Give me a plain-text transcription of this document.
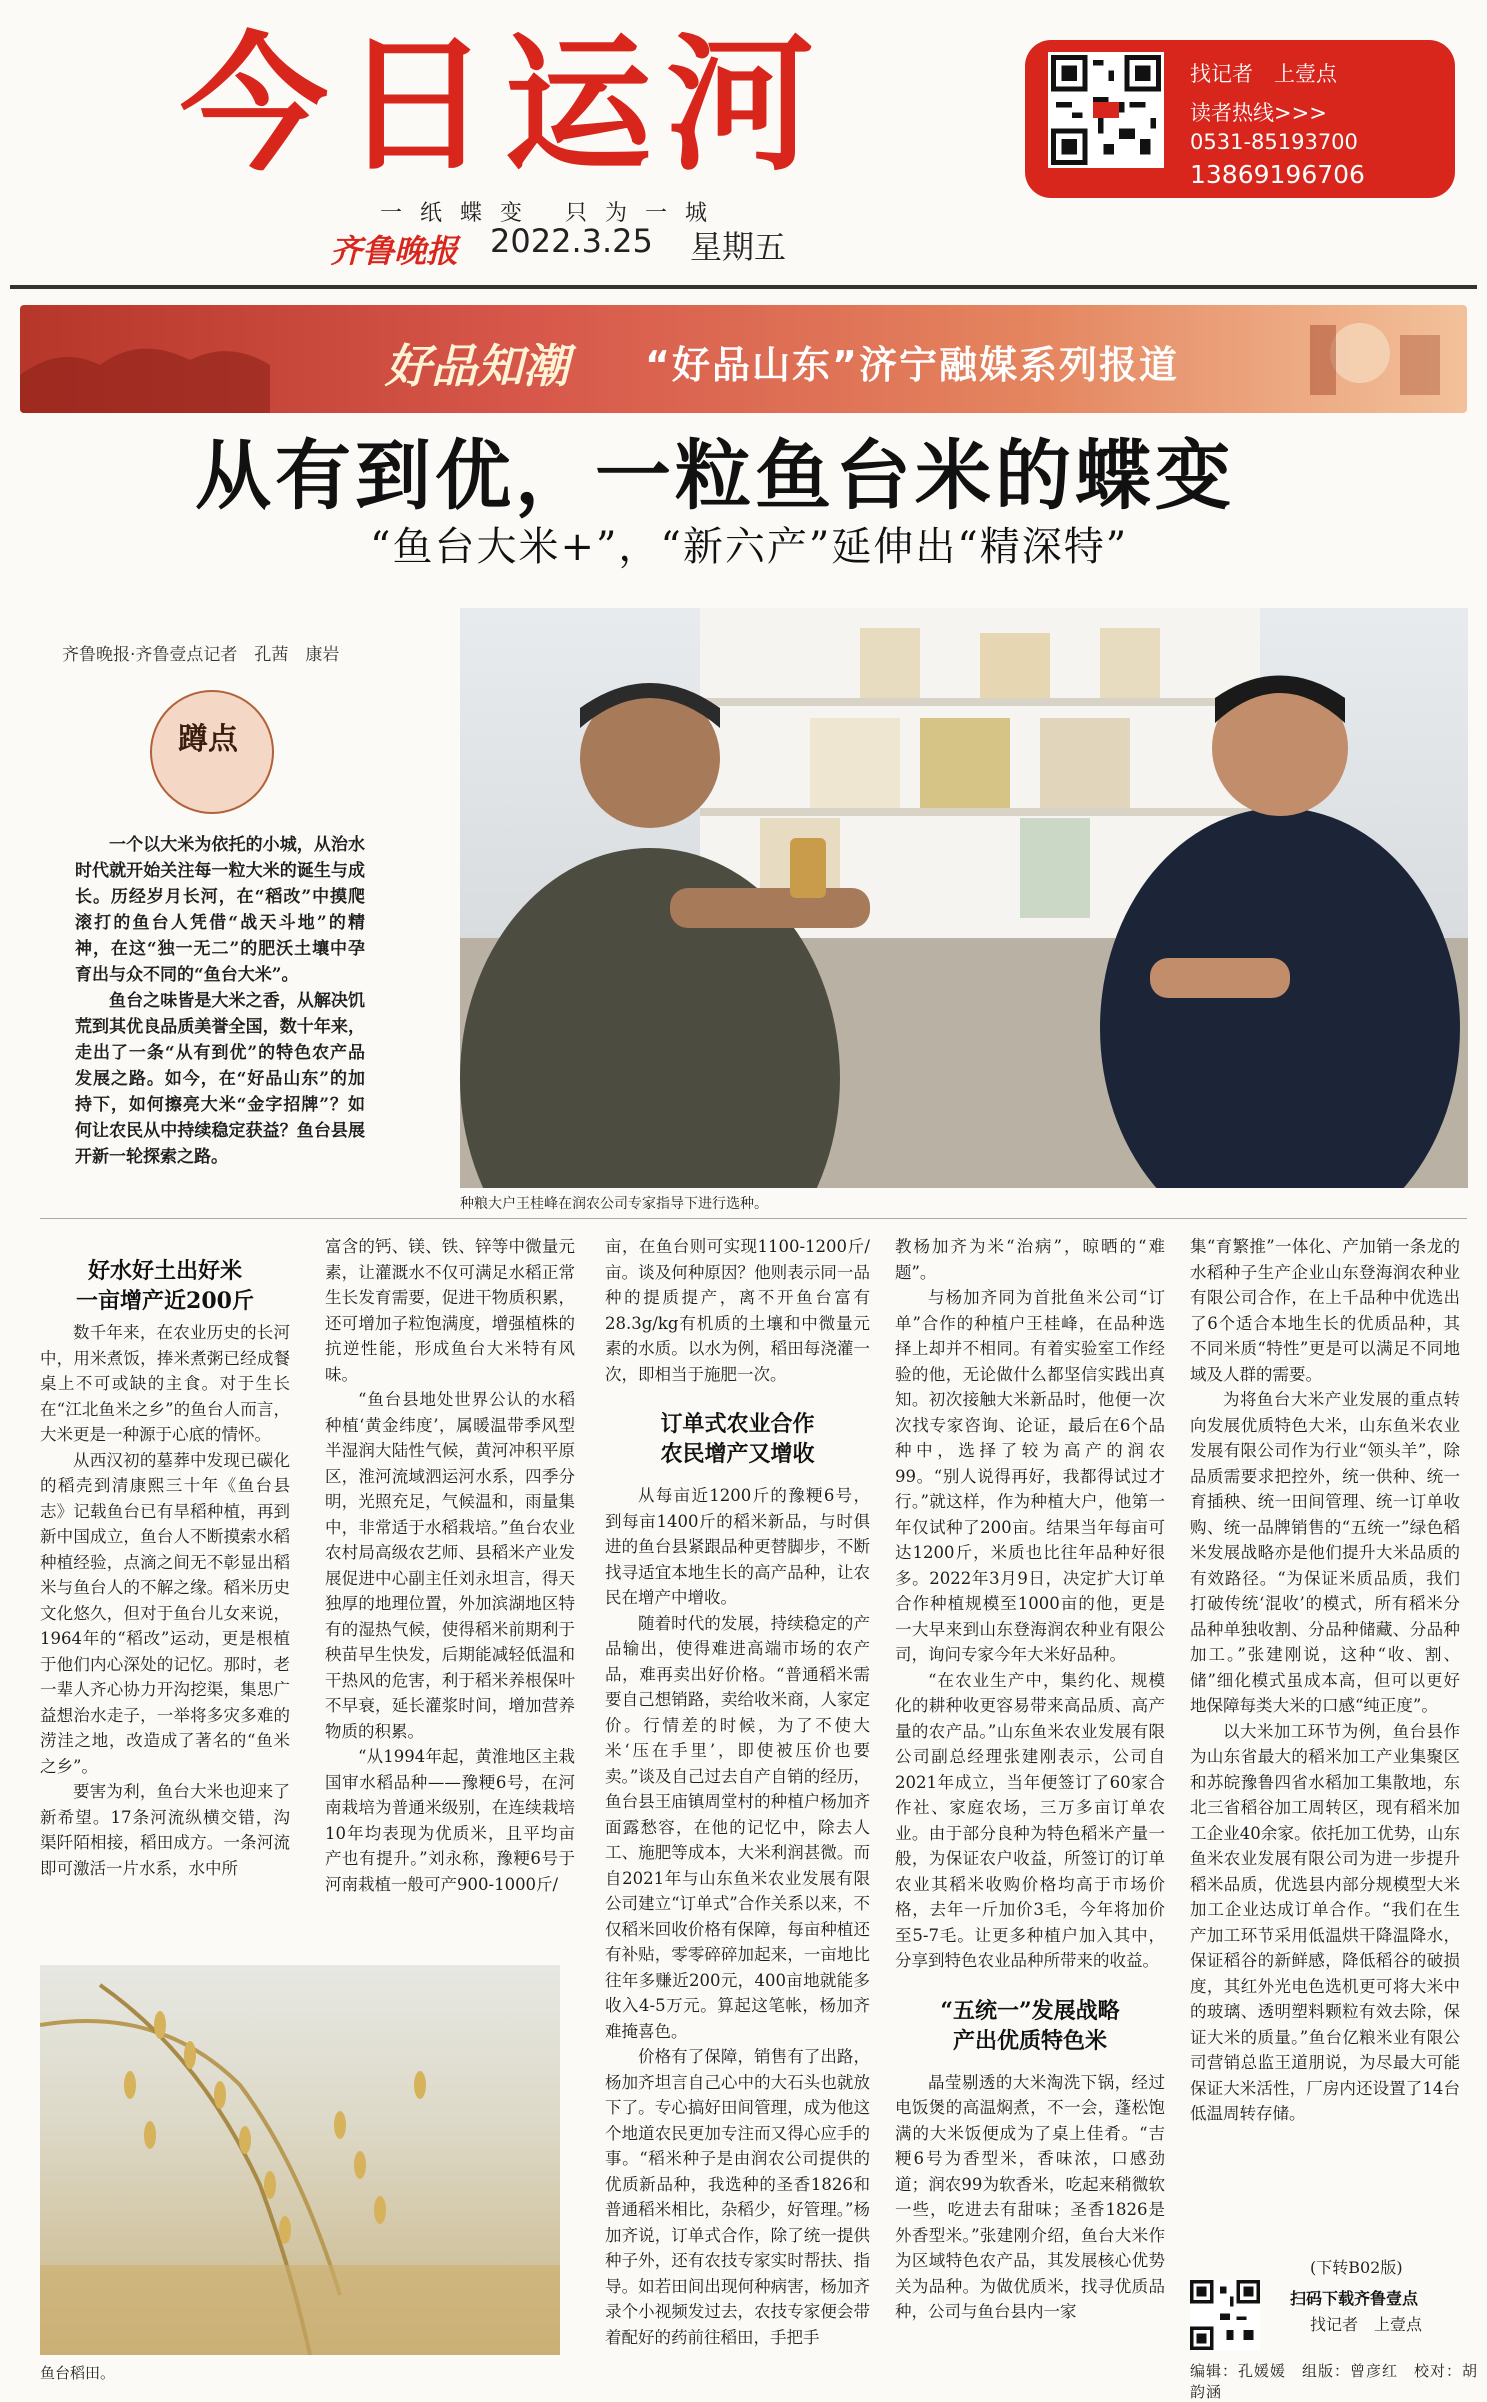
今日运河
一纸蝶变 只为一城
齐鲁晚报 2022.3.25 星期五
找记者　上壹点
读者热线>>>
0531-85193700
13869196706
好品知潮 “好品山东”济宁融媒系列报道
从有到优，一粒鱼台米的蝶变
“鱼台大米+”，“新六产”延伸出“精深特”
种粮大户王桂峰在润农公司专家指导下进行选种。
齐鲁晚报·齐鲁壹点记者　孔茜　康岩
蹲点

一个以大米为依托的小城，从治水时代就开始关注每一粒大米的诞生与成长。历经岁月长河，在“稻改”中摸爬滚打的鱼台人凭借“战天斗地”的精神，在这“独一无二”的肥沃土壤中孕育出与众不同的“鱼台大米”。

鱼台之味皆是大米之香，从解决饥荒到其优良品质美誉全国，数十年来，走出了一条“从有到优”的特色农产品发展之路。如今，在“好品山东”的加持下，如何擦亮大米“金字招牌”？如何让农民从中持续稳定获益？鱼台县展开新一轮探索之路。

好水好土出好米
一亩增产近200斤

数千年来，在农业历史的长河中，用米煮饭，捧米煮粥已经成餐桌上不可或缺的主食。对于生长在“江北鱼米之乡”的鱼台人而言，大米更是一种源于心底的情怀。

从西汉初的墓葬中发现已碳化的稻壳到清康熙三十年《鱼台县志》记载鱼台已有旱稻种植，再到新中国成立，鱼台人不断摸索水稻种植经验，点滴之间无不彰显出稻米与鱼台人的不解之缘。稻米历史文化悠久，但对于鱼台儿女来说，1964年的“稻改”运动，更是根植于他们内心深处的记忆。那时，老一辈人齐心协力开沟挖渠，集思广益想治水走子，一举将多灾多难的涝洼之地，改造成了著名的“鱼米之乡”。

要害为利，鱼台大米也迎来了新希望。17条河流纵横交错，沟渠阡陌相接，稻田成方。一条河流即可激活一片水系，水中所

富含的钙、镁、铁、锌等中微量元素，让灌溉水不仅可满足水稻正常生长发育需要，促进干物质积累，还可增加子粒饱满度，增强植株的抗逆性能，形成鱼台大米特有风味。

“鱼台县地处世界公认的水稻种植‘黄金纬度’，属暖温带季风型半湿润大陆性气候，黄河冲积平原区，淮河流域泗运河水系，四季分明，光照充足，气候温和，雨量集中，非常适于水稻栽培。”鱼台农业农村局高级农艺师、县稻米产业发展促进中心副主任刘永坦言，得天独厚的地理位置，外加滨湖地区特有的湿热气候，使得稻米前期利于秧苗早生快发，后期能减轻低温和干热风的危害，利于稻米养根保叶不早衰，延长灌浆时间，增加营养物质的积累。

“从1994年起，黄淮地区主栽国审水稻品种——豫粳6号，在河南栽培为普通米级别，在连续栽培10年均表现为优质米，且平均亩产也有提升。”刘永称，豫粳6号于河南栽植一般可产900-1000斤/

亩，在鱼台则可实现1100-1200斤/亩。谈及何种原因？他则表示同一品种的提质提产，离不开鱼台富有28.3g/kg有机质的土壤和中微量元素的水质。以水为例，稻田每浇灌一次，即相当于施肥一次。

订单式农业合作
农民增产又增收

从每亩近1200斤的豫粳6号，到每亩1400斤的稻米新品，与时俱进的鱼台县紧跟品种更替脚步，不断找寻适宜本地生长的高产品种，让农民在增产中增收。

随着时代的发展，持续稳定的产品输出，使得难进高端市场的农产品，难再卖出好价格。“普通稻米需要自己想销路，卖给收米商，人家定价。行情差的时候，为了不使大米‘压在手里’，即使被压价也要卖。”谈及自己过去自产自销的经历，鱼台县王庙镇周堂村的种植户杨加齐面露愁容，在他的记忆中，除去人工、施肥等成本，大米利润甚微。而自2021年与山东鱼米农业发展有限公司建立“订单式”合作关系以来，不仅稻米回收价格有保障，每亩种植还有补贴，零零碎碎加起来，一亩地比往年多赚近200元，400亩地就能多收入4-5万元。算起这笔帐，杨加齐难掩喜色。

价格有了保障，销售有了出路，杨加齐坦言自己心中的大石头也就放下了。专心搞好田间管理，成为他这个地道农民更加专注而又得心应手的事。“稻米种子是由润农公司提供的优质新品种，我选种的圣香1826和普通稻米相比，杂稻少，好管理。”杨加齐说，订单式合作，除了统一提供种子外，还有农技专家实时帮扶、指导。如若田间出现何种病害，杨加齐录个小视频发过去，农技专家便会带着配好的药前往稻田，手把手

教杨加齐为米“治病”，晾晒的“难题”。

与杨加齐同为首批鱼米公司“订单”合作的种植户王桂峰，在品种选择上却并不相同。有着实验室工作经验的他，无论做什么都坚信实践出真知。初次接触大米新品时，他便一次次找专家咨询、论证，最后在6个品种中，选择了较为高产的润农99。“别人说得再好，我都得试过才行。”就这样，作为种植大户，他第一年仅试种了200亩。结果当年每亩可达1200斤，米质也比往年品种好很多。2022年3月9日，决定扩大订单合作种植规模至1000亩的他，更是一大早来到山东登海润农种业有限公司，询问专家今年大米好品种。

“在农业生产中，集约化、规模化的耕种收更容易带来高品质、高产量的农产品。”山东鱼米农业发展有限公司副总经理张建刚表示，公司自2021年成立，当年便签订了60家合作社、家庭农场，三万多亩订单农业。由于部分良种为特色稻米产量一般，为保证农户收益，所签订的订单农业其稻米收购价格均高于市场价格，去年一斤加价3毛，今年将加价至5-7毛。让更多种植户加入其中，分享到特色农业品种所带来的收益。

“五统一”发展战略
产出优质特色米

晶莹剔透的大米淘洗下锅，经过电饭煲的高温焖煮，不一会，蓬松饱满的大米饭便成为了桌上佳肴。“吉粳6号为香型米，香味浓，口感劲道；润农99为软香米，吃起来稍微软一些，吃进去有甜味；圣香1826是外香型米。”张建刚介绍，鱼台大米作为区域特色农产品，其发展核心优势关为品种。为做优质米，找寻优质品种，公司与鱼台县内一家

集“育繁推”一体化、产加销一条龙的水稻种子生产企业山东登海润农种业有限公司合作，在上千品种中优选出了6个适合本地生长的优质品种，其不同米质“特性”更是可以满足不同地域及人群的需要。

为将鱼台大米产业发展的重点转向发展优质特色大米，山东鱼米农业发展有限公司作为行业“领头羊”，除品质需要求把控外，统一供种、统一育插秧、统一田间管理、统一订单收购、统一品牌销售的“五统一”绿色稻米发展战略亦是他们提升大米品质的有效路径。“为保证米质品质，我们打破传统‘混收’的模式，所有稻米分品种单独收割、分品种储藏、分品种加工。”张建刚说，这种“收、割、储”细化模式虽成本高，但可以更好地保障每类大米的口感“纯正度”。

以大米加工环节为例，鱼台县作为山东省最大的稻米加工产业集聚区和苏皖豫鲁四省水稻加工集散地，东北三省稻谷加工周转区，现有稻米加工企业40余家。依托加工优势，山东鱼米农业发展有限公司为进一步提升稻米品质，优选县内部分规模型大米加工企业达成订单合作。“我们在生产加工环节采用低温烘干降温降水，保证稻谷的新鲜感，降低稻谷的破损度，其红外光电色选机更可将大米中的玻璃、透明塑料颗粒有效去除，保证大米的质量。”鱼台亿粮米业有限公司营销总监王道朋说，为尽最大可能保证大米活性，厂房内还设置了14台低温周转存储。

鱼台稻田。
(下转B02版)
扫码下载齐鲁壹点
找记者　上壹点
编辑：孔媛媛　组版：曾彦红　校对：胡韵涵
